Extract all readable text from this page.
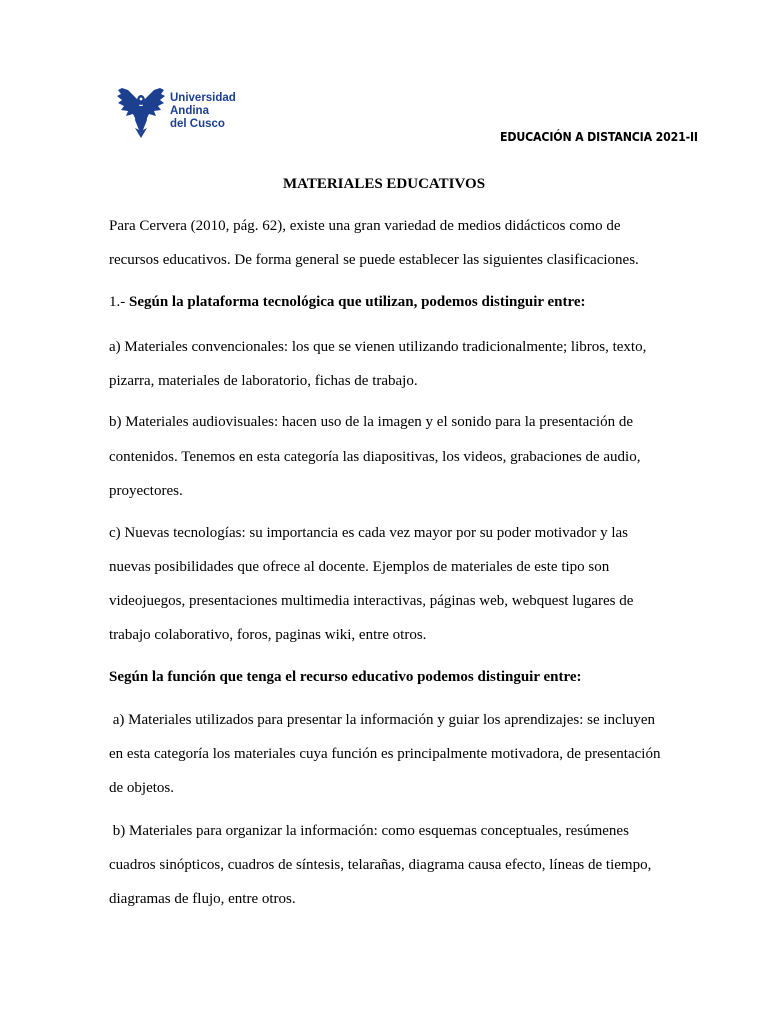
Universidad
Andina
del Cusco
EDUCACIÓN A DISTANCIA 2021-II
MATERIALES EDUCATIVOS
Para Cervera (2010, pág. 62), existe una gran variedad de medios didácticos como de
recursos educativos. De forma general se puede establecer las siguientes clasificaciones.
1.- Según la plataforma tecnológica que utilizan, podemos distinguir entre:
a) Materiales convencionales: los que se vienen utilizando tradicionalmente; libros, texto,
pizarra, materiales de laboratorio, fichas de trabajo.
b) Materiales audiovisuales: hacen uso de la imagen y el sonido para la presentación de
contenidos. Tenemos en esta categoría las diapositivas, los videos, grabaciones de audio,
proyectores.
c) Nuevas tecnologías: su importancia es cada vez mayor por su poder motivador y las
nuevas posibilidades que ofrece al docente. Ejemplos de materiales de este tipo son
videojuegos, presentaciones multimedia interactivas, páginas web, webquest lugares de
trabajo colaborativo, foros, paginas wiki, entre otros.
Según la función que tenga el recurso educativo podemos distinguir entre:
a) Materiales utilizados para presentar la información y guiar los aprendizajes: se incluyen
en esta categoría los materiales cuya función es principalmente motivadora, de presentación
de objetos.
b) Materiales para organizar la información: como esquemas conceptuales, resúmenes
cuadros sinópticos, cuadros de síntesis, telarañas, diagrama causa efecto, líneas de tiempo,
diagramas de flujo, entre otros.
